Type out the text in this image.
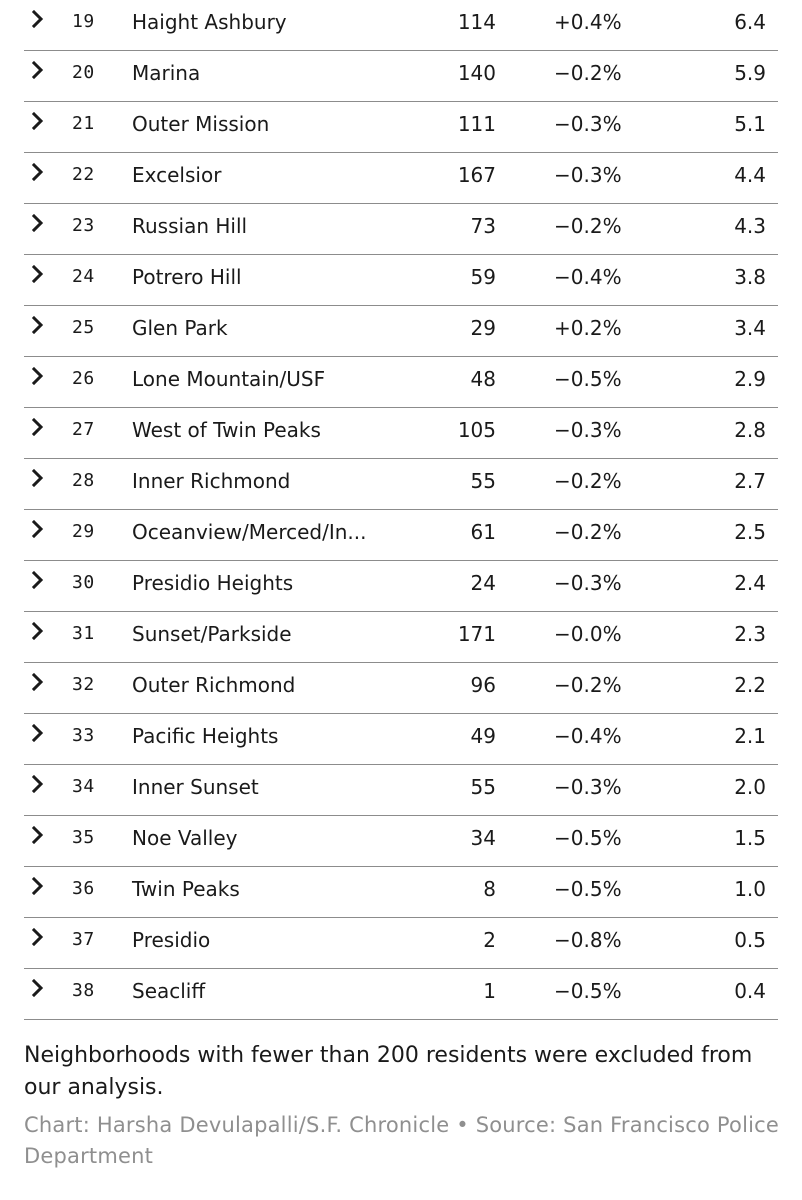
19 Haight Ashbury	114	+0.4%	6.4
20 Marina	140	−0.2%	5.9
21 Outer Mission	111	−0.3%	5.1
22 Excelsior	167	−0.3%	4.4
23 Russian Hill	73	−0.2%	4.3
24 Potrero Hill	59	−0.4%	3.8
25 Glen Park	29	+0.2%	3.4
26 Lone Mountain/USF	48	−0.5%	2.9
27 West of Twin Peaks	105	−0.3%	2.8
28 Inner Richmond	55	−0.2%	2.7
29 Oceanview/Merced/In...	61	−0.2%	2.5
30 Presidio Heights	24	−0.3%	2.4
31 Sunset/Parkside	171	−0.0%	2.3
32 Outer Richmond	96	−0.2%	2.2
33 Pacific Heights	49	−0.4%	2.1
34 Inner Sunset	55	−0.3%	2.0
35 Noe Valley	34	−0.5%	1.5
36 Twin Peaks	8	−0.5%	1.0
37 Presidio	2	−0.8%	0.5
38 Seacliff	1	−0.5%	0.4
Neighborhoods with fewer than 200 residents were excluded from our analysis.
Chart: Harsha Devulapalli/S.F. Chronicle • Source: San Francisco Police Department
